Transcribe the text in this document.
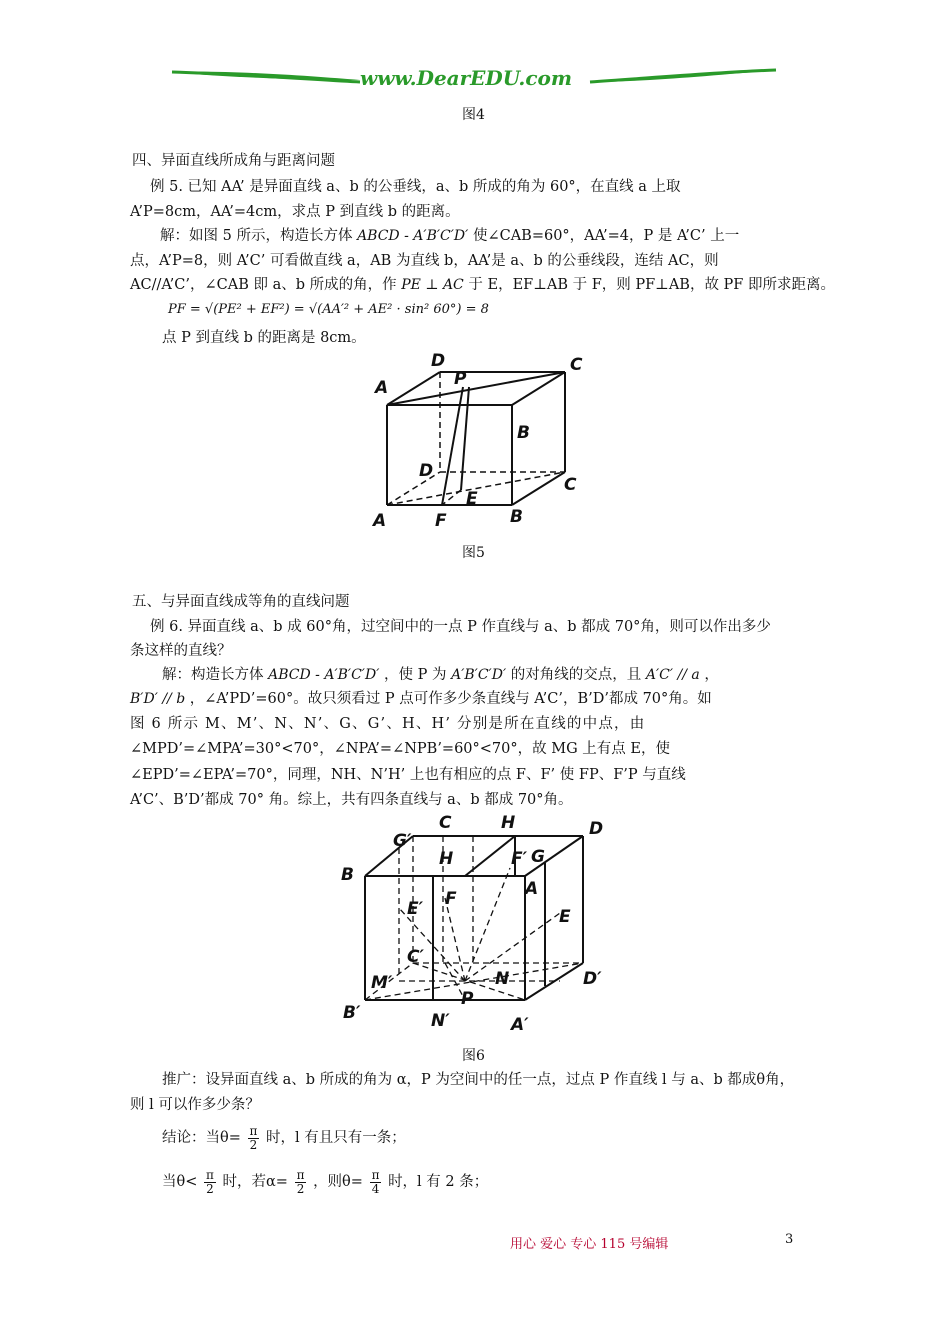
www.DearEDU.com
图4
四、异面直线所成角与距离问题
例 5. 已知 AA’ 是异面直线 a、b 的公垂线，a、b 所成的角为 60°，在直线 a 上取
A’P=8cm，AA’=4cm，求点 P 到直线 b 的距离。
解：如图 5 所示，构造长方体 ABCD - A′B′C′D′ 使∠CAB=60°，AA’=4，P 是 A’C’ 上一
点，A’P=8，则 A’C’ 可看做直线 a，AB 为直线 b，AA’是 a、b 的公垂线段，连结 AC，则
AC//A’C’，∠CAB 即 a、b 所成的角，作 PE ⊥ AC 于 E，EF⊥AB 于 F，则 PF⊥AB，故 PF 即所求距离。
PF = √(PE² + EF²) = √(AA′² + AE² · sin² 60°) = 8
点 P 到直线 b 的距离是 8cm。
D
P
C
A
B
D
C
E
A	F	B
图5
五、与异面直线成等角的直线问题
例 6. 异面直线 a、b 成 60°角，过空间中的一点 P 作直线与 a、b 都成 70°角，则可以作出多少
条这样的直线？
解：构造长方体 ABCD - A′B′C′D′ ，使 P 为 A′B′C′D′ 的对角线的交点，且 A′C′ // a ，
B′D′ // b ，∠A’PD’=60°。故只须看过 P 点可作多少条直线与 A’C’，B’D’都成 70°角。如
图 6 所示 M、M’、N、N’、G、G’、H、H’ 分别是所在直线的中点，由
∠MPD’=∠MPA’=30°<70°，∠NPA’=∠NPB’=60°<70°，故 MG 上有点 E，使
∠EPD’=∠EPA’=70°，同理，NH、N’H’ 上也有相应的点 F、F’ 使 FP、F’P 与直线
A’C’、B’D’都成 70° 角。综上，共有四条直线与 a、b 都成 70°角。
C	H	D
G′
H	F′ G
B
A
E′ F
E
C′
N
M′	D′
B′
P
N′	A′
图6
推广：设异面直线 a、b 所成的角为 α，P 为空间中的任一点，过点 P 作直线 l 与 a、b 都成θ角，
则 l 可以作多少条？
结论：当$\theta= \frac{\pi}{2}$ 时，l 有且只有一条；
当$\theta< \frac{\pi}{2}$ 时，若$\alpha= \frac{\pi}{2}$ ，则$\theta= \frac{\pi}{4}$ 时，l 有 2 条；
用心 爱心 专心 115 号编辑	3
